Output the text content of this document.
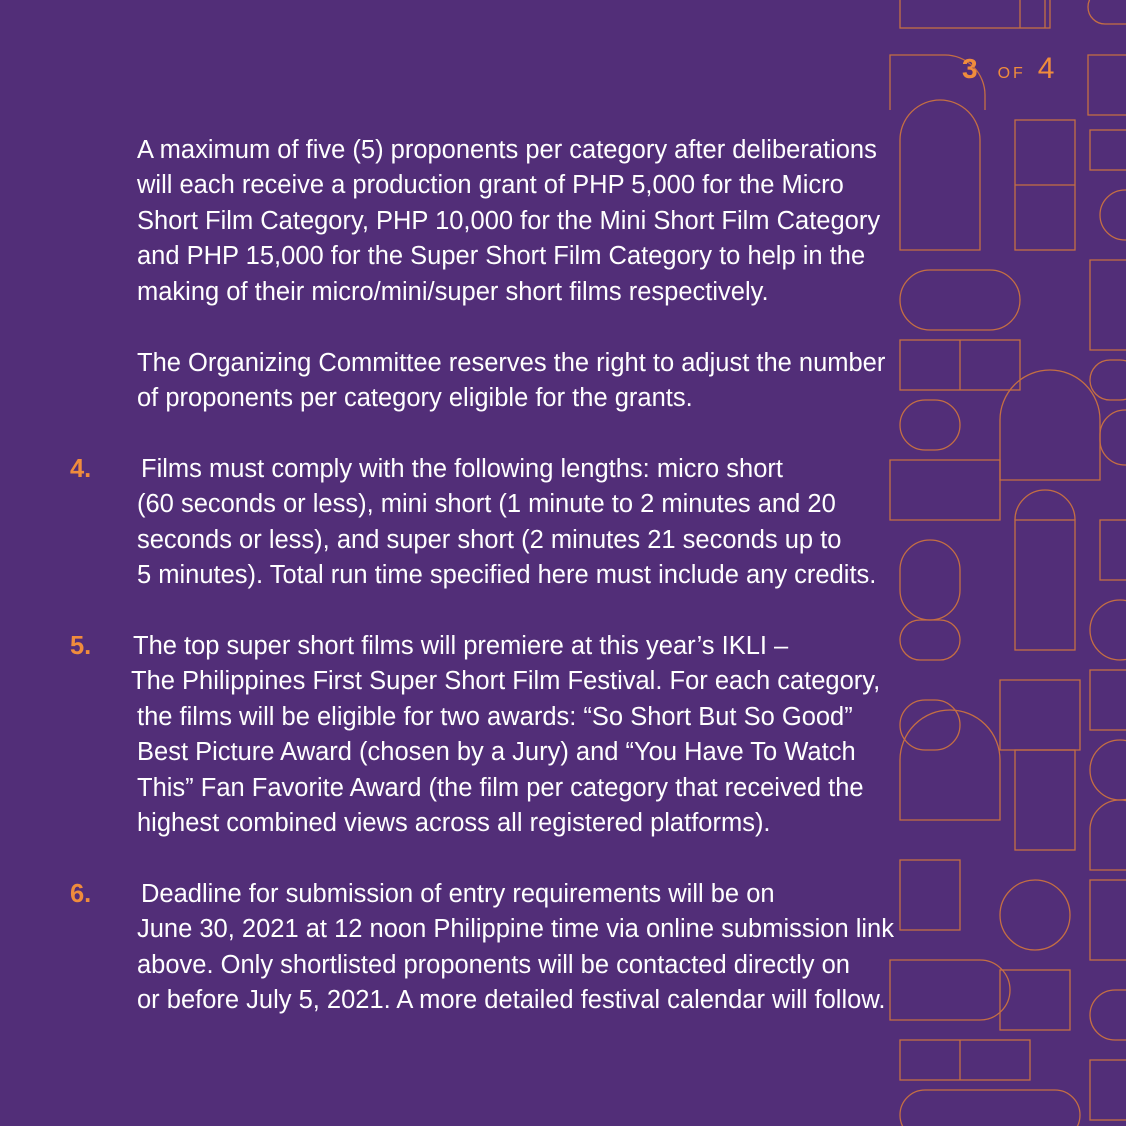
3 OF 4
A maximum of five (5) proponents per category after deliberations
will each receive a production grant of PHP 5,000 for the Micro
Short Film Category, PHP 10,000 for the Mini Short Film Category
and PHP 15,000 for the Super Short Film Category to help in the
making of their micro/mini/super short films respectively.
The Organizing Committee reserves the right to adjust the number
of proponents per category eligible for the grants.
4. Films must comply with the following lengths: micro short
(60 seconds or less), mini short (1 minute to 2 minutes and 20
seconds or less), and super short (2 minutes 21 seconds up to
5 minutes). Total run time specified here must include any credits.
5. The top super short films will premiere at this year’s IKLI –
The Philippines First Super Short Film Festival. For each category,
the films will be eligible for two awards: “So Short But So Good”
Best Picture Award (chosen by a Jury) and “You Have To Watch
This” Fan Favorite Award (the film per category that received the
highest combined views across all registered platforms).
6. Deadline for submission of entry requirements will be on
June 30, 2021 at 12 noon Philippine time via online submission link
above. Only shortlisted proponents will be contacted directly on
or before July 5, 2021. A more detailed festival calendar will follow.
